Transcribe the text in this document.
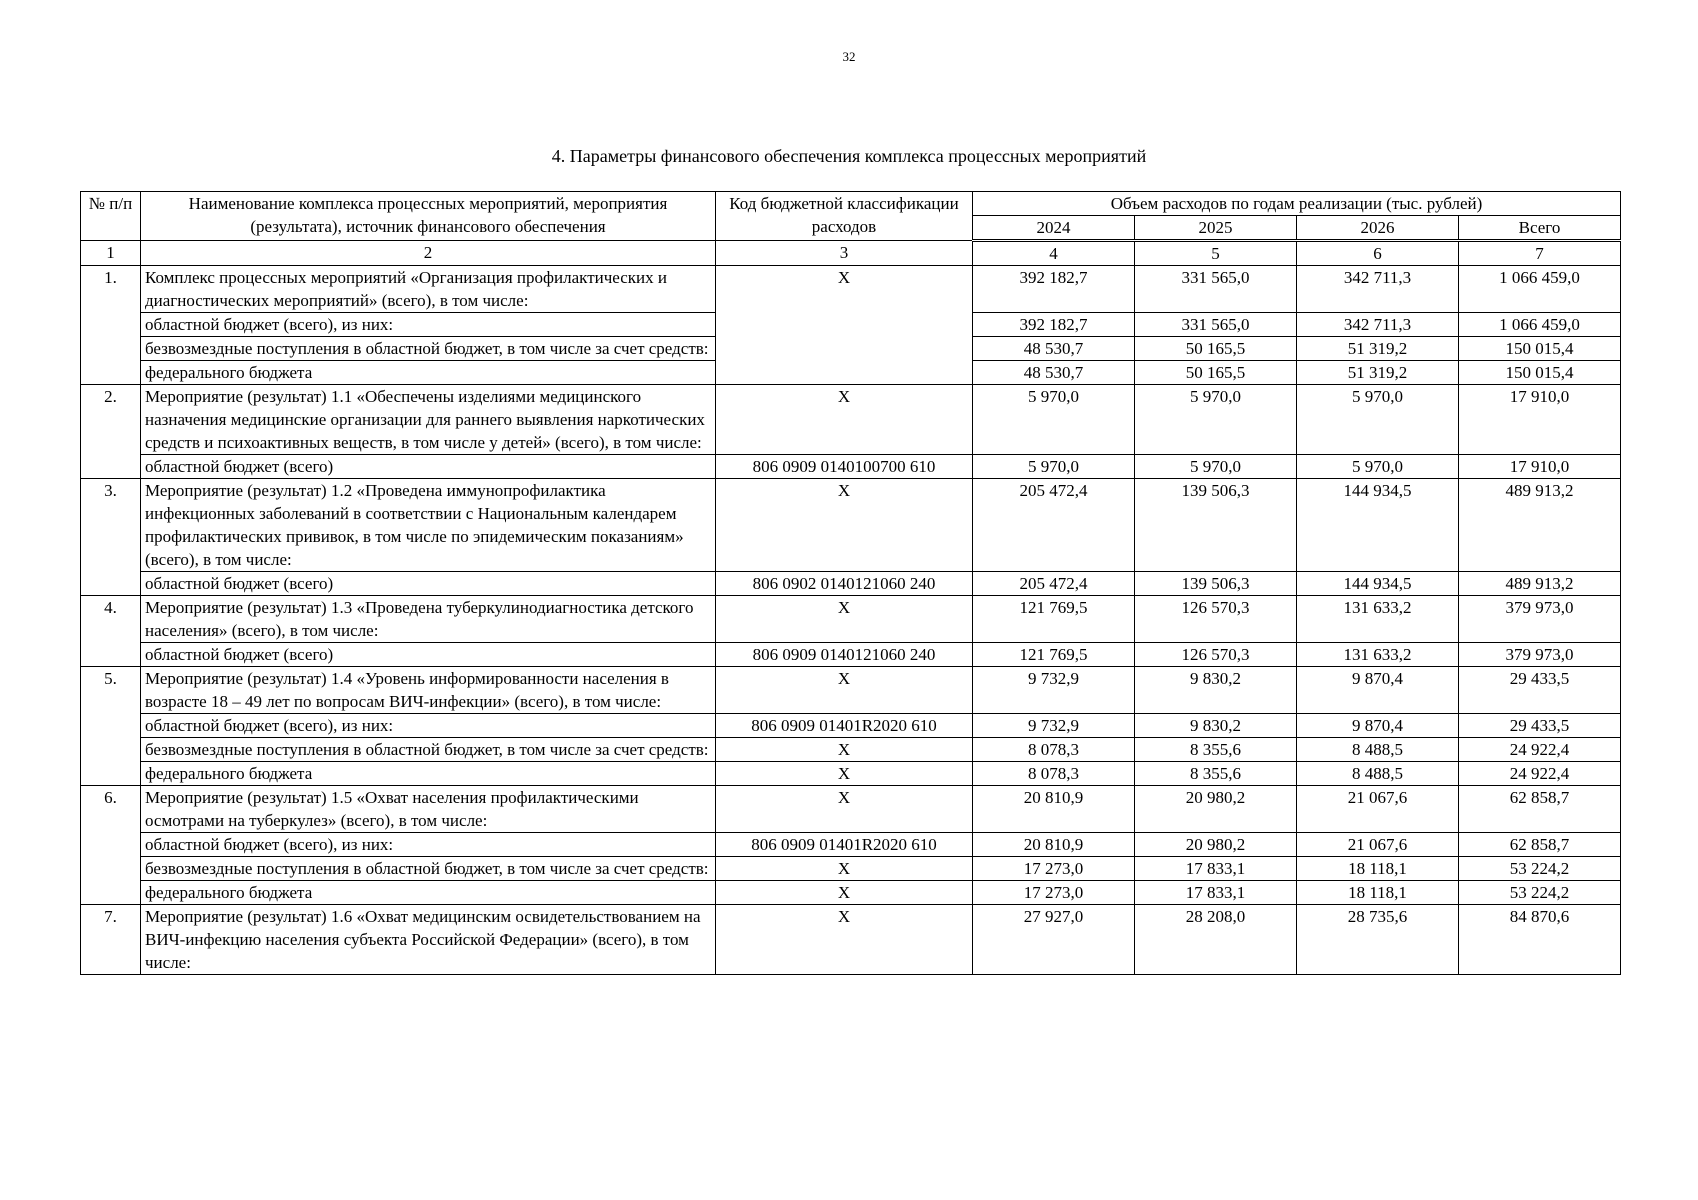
32
4. Параметры финансового обеспечения комплекса процессных мероприятий
№ п/п	Наименование комплекса процессных мероприятий, мероприятия (результата), источник финансового обеспечения	Код бюджетной классификации расходов	Объем расходов по годам реализации (тыс. рублей)			
			2024	2025	2026	Всего
1	2	3	4	5	6	7
1.	Комплекс процессных мероприятий «Организация профилактических и диагностических мероприятий» (всего), в том числе:	X	392 182,7	331 565,0	342 711,3	1 066 459,0
	областной бюджет (всего), из них:		392 182,7	331 565,0	342 711,3	1 066 459,0
	безвозмездные поступления в областной бюджет, в том числе за счет средств:		48 530,7	50 165,5	51 319,2	150 015,4
	федерального бюджета		48 530,7	50 165,5	51 319,2	150 015,4
2.	Мероприятие (результат) 1.1 «Обеспечены изделиями медицинского назначения медицинские организации для раннего выявления наркотических средств и психоактивных веществ, в том числе у детей» (всего), в том числе:	X	5 970,0	5 970,0	5 970,0	17 910,0
	областной бюджет (всего)	806 0909 0140100700 610	5 970,0	5 970,0	5 970,0	17 910,0
3.	Мероприятие (результат) 1.2 «Проведена иммунопрофилактика инфекционных заболеваний в соответствии с Национальным календарем профилактических прививок, в том числе по эпидемическим показаниям» (всего), в том числе:	X	205 472,4	139 506,3	144 934,5	489 913,2
	областной бюджет (всего)	806 0902 0140121060 240	205 472,4	139 506,3	144 934,5	489 913,2
4.	Мероприятие (результат) 1.3 «Проведена туберкулинодиагностика детского населения» (всего), в том числе:	X	121 769,5	126 570,3	131 633,2	379 973,0
	областной бюджет (всего)	806 0909 0140121060 240	121 769,5	126 570,3	131 633,2	379 973,0
5.	Мероприятие (результат) 1.4 «Уровень информированности населения в возрасте 18 – 49 лет по вопросам ВИЧ-инфекции» (всего), в том числе:	X	9 732,9	9 830,2	9 870,4	29 433,5
	областной бюджет (всего), из них:	806 0909 01401R2020 610	9 732,9	9 830,2	9 870,4	29 433,5
	безвозмездные поступления в областной бюджет, в том числе за счет средств:	X	8 078,3	8 355,6	8 488,5	24 922,4
	федерального бюджета	X	8 078,3	8 355,6	8 488,5	24 922,4
6.	Мероприятие (результат) 1.5 «Охват населения профилактическими осмотрами на туберкулез» (всего), в том числе:	X	20 810,9	20 980,2	21 067,6	62 858,7
	областной бюджет (всего), из них:	806 0909 01401R2020 610	20 810,9	20 980,2	21 067,6	62 858,7
	безвозмездные поступления в областной бюджет, в том числе за счет средств:	X	17 273,0	17 833,1	18 118,1	53 224,2
	федерального бюджета	X	17 273,0	17 833,1	18 118,1	53 224,2
7.	Мероприятие (результат) 1.6 «Охват медицинским освидетельствованием на ВИЧ-инфекцию населения субъекта Российской Федерации» (всего), в том числе:	X	27 927,0	28 208,0	28 735,6	84 870,6
